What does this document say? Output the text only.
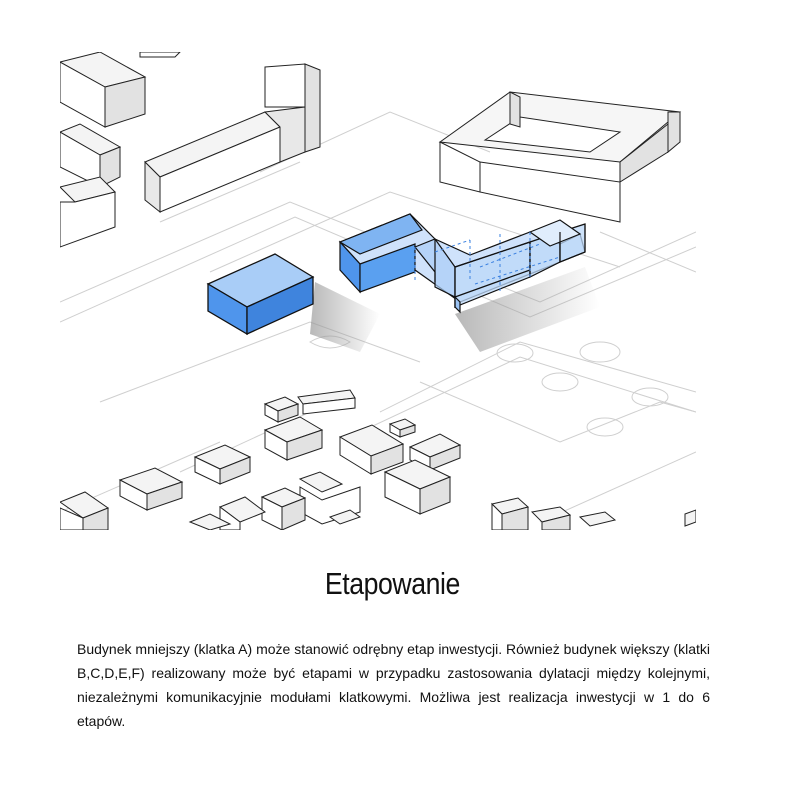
Etapowanie

Budynek mniejszy (klatka A) może stanowić odrębny etap inwestycji. Również budynek większy (klatki B,C,D,E,F) realizowany może być etapami w przypadku zastosowania dylatacji między kolejnymi, niezależnymi komunikacyjnie modułami klatkowymi. Możliwa jest realizacja inwestycji w 1 do 6 etapów.
